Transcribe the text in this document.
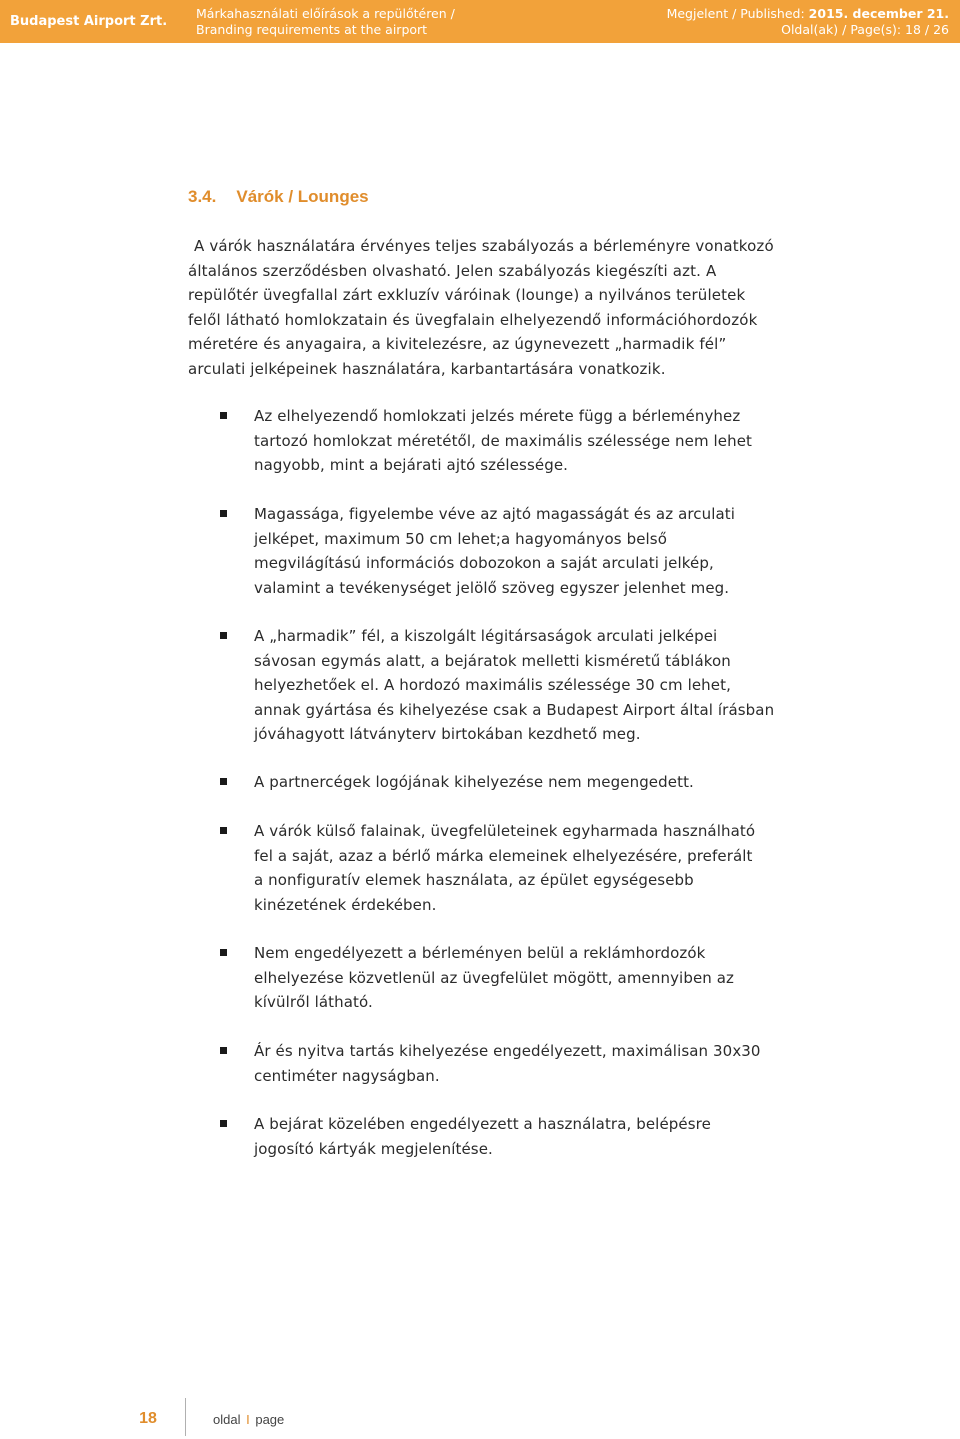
Budapest Airport Zrt.
Márkahasználati előírások a repülőtéren /
Branding requirements at the airport
Megjelent / Published: 2015. december 21.
Oldal(ak) / Page(s): 18 / 26
3.4. Várók / Lounges
A várók használatára érvényes teljes szabályozás a bérleményre vonatkozó
általános szerződésben olvasható. Jelen szabályozás kiegészíti azt. A
repülőtér üvegfallal zárt exkluzív váróinak (lounge) a nyilvános területek
felől látható homlokzatain és üvegfalain elhelyezendő információhordozók
méretére és anyagaira, a kivitelezésre, az úgynevezett „harmadik fél”
arculati jelképeinek használatára, karbantartására vonatkozik.
Az elhelyezendő homlokzati jelzés mérete függ a bérleményhez
tartozó homlokzat méretétől, de maximális szélessége nem lehet
nagyobb, mint a bejárati ajtó szélessége.
Magassága, figyelembe véve az ajtó magasságát és az arculati
jelképet, maximum 50 cm lehet;a hagyományos belső
megvilágítású információs dobozokon a saját arculati jelkép,
valamint a tevékenységet jelölő szöveg egyszer jelenhet meg.
A „harmadik” fél, a kiszolgált légitársaságok arculati jelképei
sávosan egymás alatt, a bejáratok melletti kisméretű táblákon
helyezhetőek el. A hordozó maximális szélessége 30 cm lehet,
annak gyártása és kihelyezése csak a Budapest Airport által írásban
jóváhagyott látványterv birtokában kezdhető meg.
A partnercégek logójának kihelyezése nem megengedett.
A várók külső falainak, üvegfelületeinek egyharmada használható
fel a saját, azaz a bérlő márka elemeinek elhelyezésére, preferált
a nonfiguratív elemek használata, az épület egységesebb
kinézetének érdekében.
Nem engedélyezett a bérleményen belül a reklámhordozók
elhelyezése közvetlenül az üvegfelület mögött, amennyiben az
kívülről látható.
Ár és nyitva tartás kihelyezése engedélyezett, maximálisan 30x30
centiméter nagyságban.
A bejárat közelében engedélyezett a használatra, belépésre
jogosító kártyák megjelenítése.
18	oldal I page
